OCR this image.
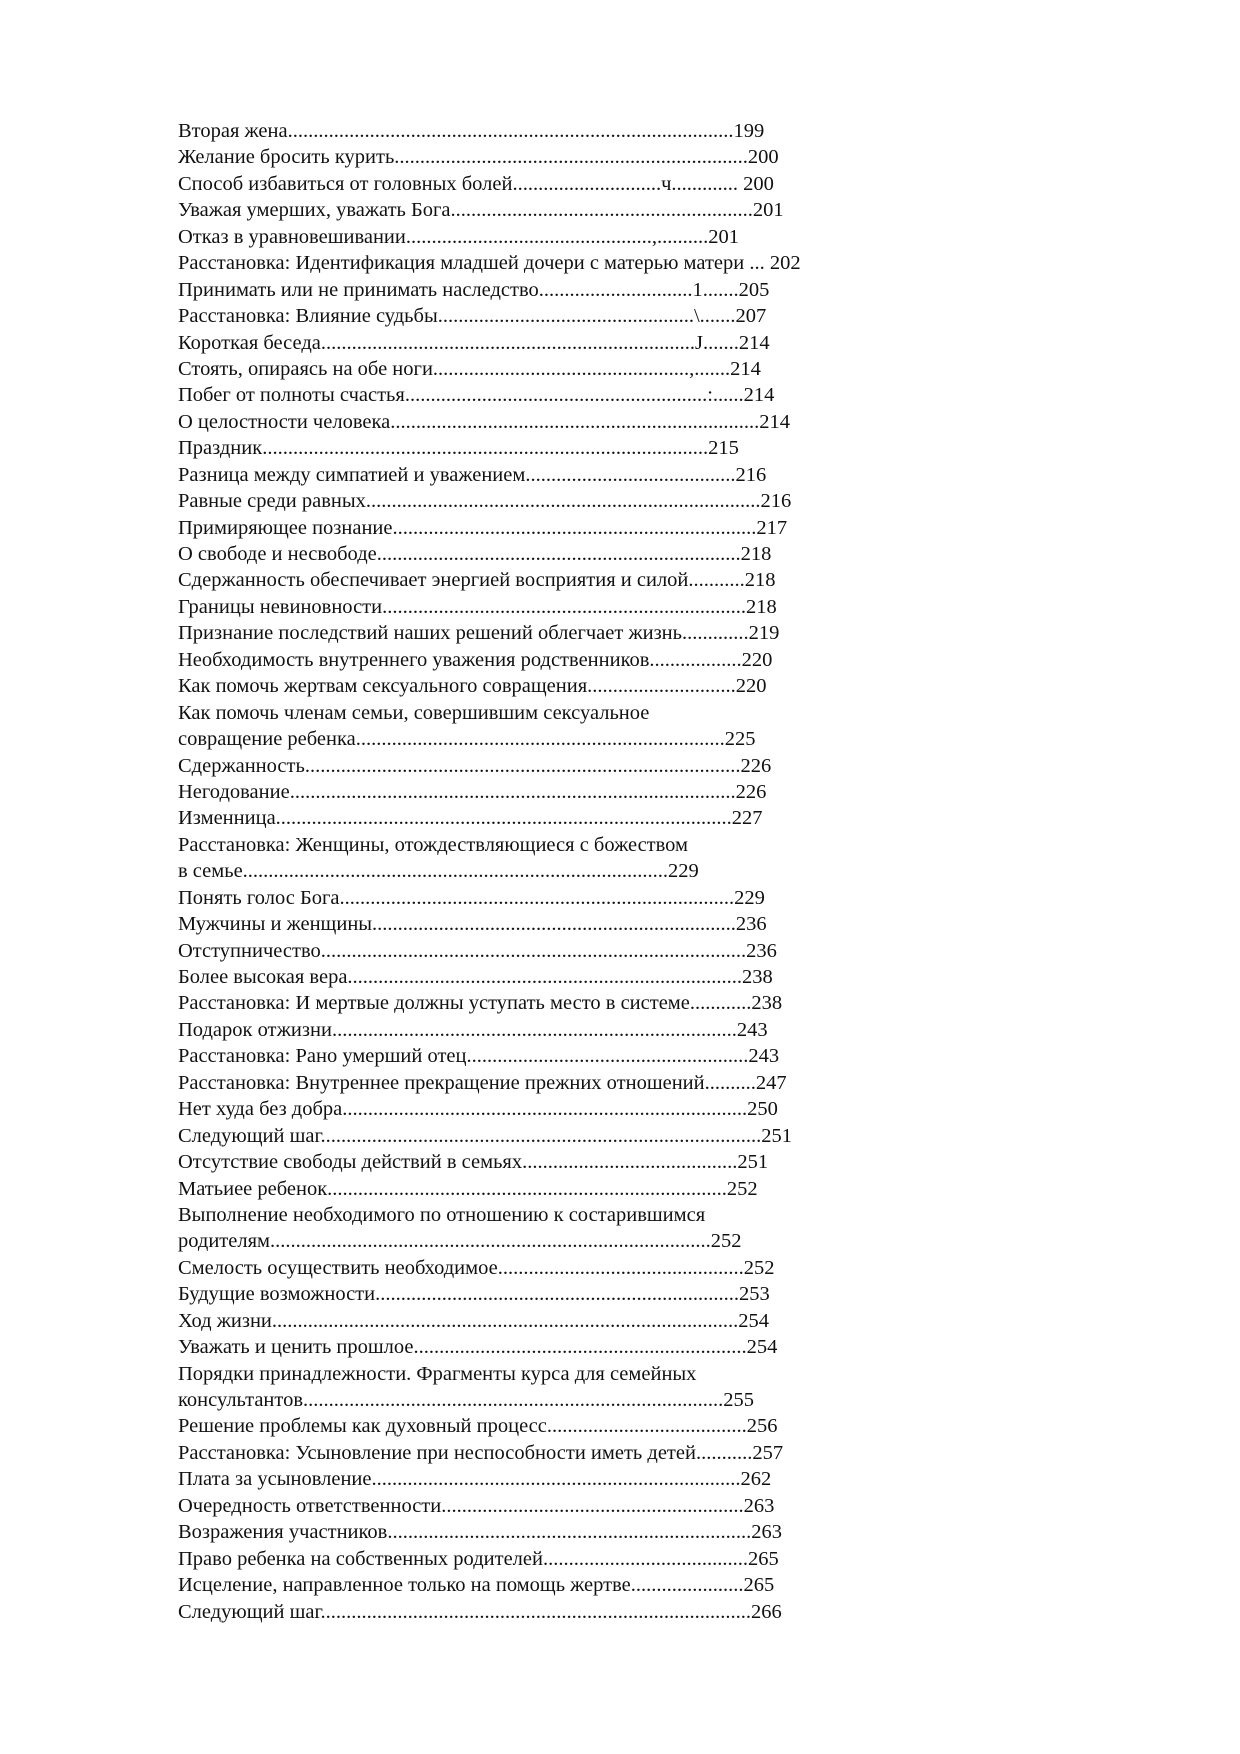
Вторая жена.......................................................................................199
Желание бросить курить.....................................................................200
Способ избавиться от головных болей.............................ч............. 200
Уважая умерших, уважать Бога...........................................................201
Отказ в уравновешивании................................................,..........201
Расстановка: Идентификация младшей дочери с матерью матери ... 202
Принимать или не принимать наследство..............................1.......205
Расстановка: Влияние судьбы..................................................\.......207
Короткая беседа.........................................................................J.......214
Стоять, опираясь на обе ноги..................................................,.......214
Побег от полноты счастья...........................................................:......214
О целостности человека........................................................................214
Праздник.......................................................................................215
Разница между симпатией и уважением.........................................216
Равные среди равных.............................................................................216
Примиряющее познание.......................................................................217
О свободе и несвободе.......................................................................218
Сдержанность обеспечивает энергией восприятия и силой...........218
Границы невиновности.......................................................................218
Признание последствий наших решений облегчает жизнь.............219
Необходимость внутреннего уважения родственников..................220
Как помочь жертвам сексуального совращения.............................220
Как помочь членам семьи, совершившим сексуальное
совращение ребенка........................................................................225
Сдержанность.....................................................................................226
Негодование.......................................................................................226
Изменница.........................................................................................227
Расстановка: Женщины, отождествляющиеся с божеством
в семье...................................................................................229
Понять голос Бога.............................................................................229
Мужчины и женщины.......................................................................236
Отступничество...................................................................................236
Более высокая вера.............................................................................238
Расстановка: И мертвые должны уступать место в системе............238
Подарок отжизни...............................................................................243
Расстановка: Рано умерший отец.......................................................243
Расстановка: Внутреннее прекращение прежних отношений..........247
Нет худа без добра...............................................................................250
Следующий шаг......................................................................................251
Отсутствие свободы действий в семьях..........................................251
Матьиее ребенок..............................................................................252
Выполнение необходимого по отношению к состарившимся
родителям......................................................................................252
Смелость осуществить необходимое................................................252
Будущие возможности.......................................................................253
Ход жизни...........................................................................................254
Уважать и ценить прошлое.................................................................254
Порядки принадлежности. Фрагменты курса для семейных
консультантов..................................................................................255
Решение проблемы как духовный процесс.......................................256
Расстановка: Усыновление при неспособности иметь детей...........257
Плата за усыновление........................................................................262
Очередность ответственности...........................................................263
Возражения участников.......................................................................263
Право ребенка на собственных родителей........................................265
Исцеление, направленное только на помощь жертве......................265
Следующий шаг....................................................................................266
